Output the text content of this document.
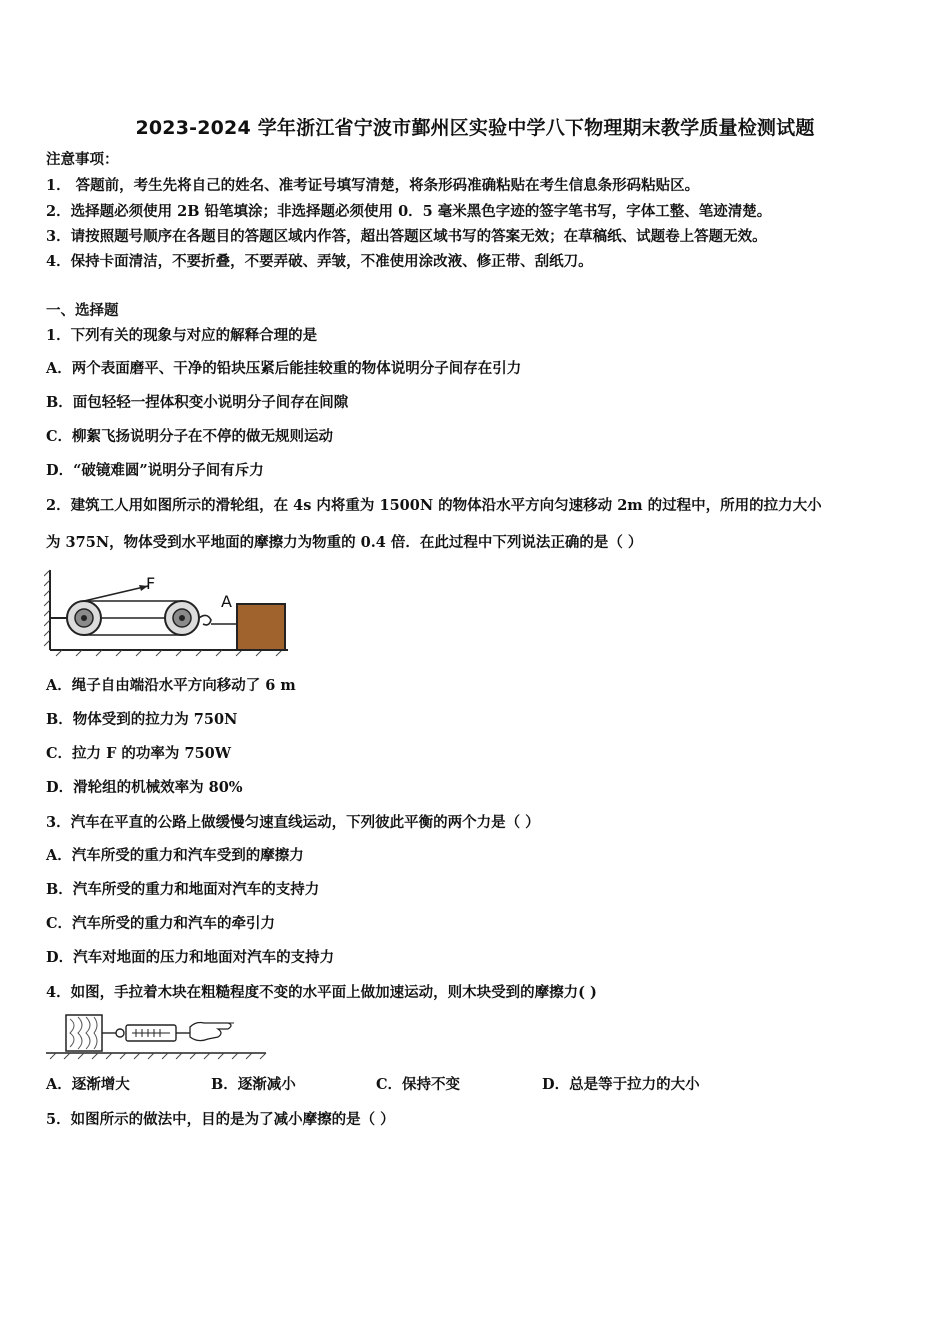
2023-2024 学年浙江省宁波市鄞州区实验中学八下物理期末教学质量检测试题
注意事项：
1． 答题前，考生先将自己的姓名、准考证号填写清楚，将条形码准确粘贴在考生信息条形码粘贴区。
2．选择题必须使用 2B 铅笔填涂；非选择题必须使用 0．5 毫米黑色字迹的签字笔书写，字体工整、笔迹清楚。
3．请按照题号顺序在各题目的答题区域内作答，超出答题区域书写的答案无效；在草稿纸、试题卷上答题无效。
4．保持卡面清洁，不要折叠，不要弄破、弄皱，不准使用涂改液、修正带、刮纸刀。
一、选择题
1．下列有关的现象与对应的解释合理的是
A．两个表面磨平、干净的铅块压紧后能挂较重的物体说明分子间存在引力
B．面包轻轻一捏体积变小说明分子间存在间隙
C．柳絮飞扬说明分子在不停的做无规则运动
D．“破镜难圆”说明分子间有斥力
2．建筑工人用如图所示的滑轮组，在 4s 内将重为 1500N 的物体沿水平方向匀速移动 2m 的过程中，所用的拉力大小
为 375N，物体受到水平地面的摩擦力为物重的 0.4 倍．在此过程中下列说法正确的是（ ）
F
A
A．绳子自由端沿水平方向移动了 6 m
B．物体受到的拉力为 750N
C．拉力 F 的功率为 750W
D．滑轮组的机械效率为 80%
3．汽车在平直的公路上做缓慢匀速直线运动，下列彼此平衡的两个力是（ ）
A．汽车所受的重力和汽车受到的摩擦力
B．汽车所受的重力和地面对汽车的支持力
C．汽车所受的重力和汽车的牵引力
D．汽车对地面的压力和地面对汽车的支持力
4．如图，手拉着木块在粗糙程度不变的水平面上做加速运动，则木块受到的摩擦力( )
A．逐渐增大	B．逐渐减小	C．保持不变	D．总是等于拉力的大小
5．如图所示的做法中，目的是为了减小摩擦的是（ ）
